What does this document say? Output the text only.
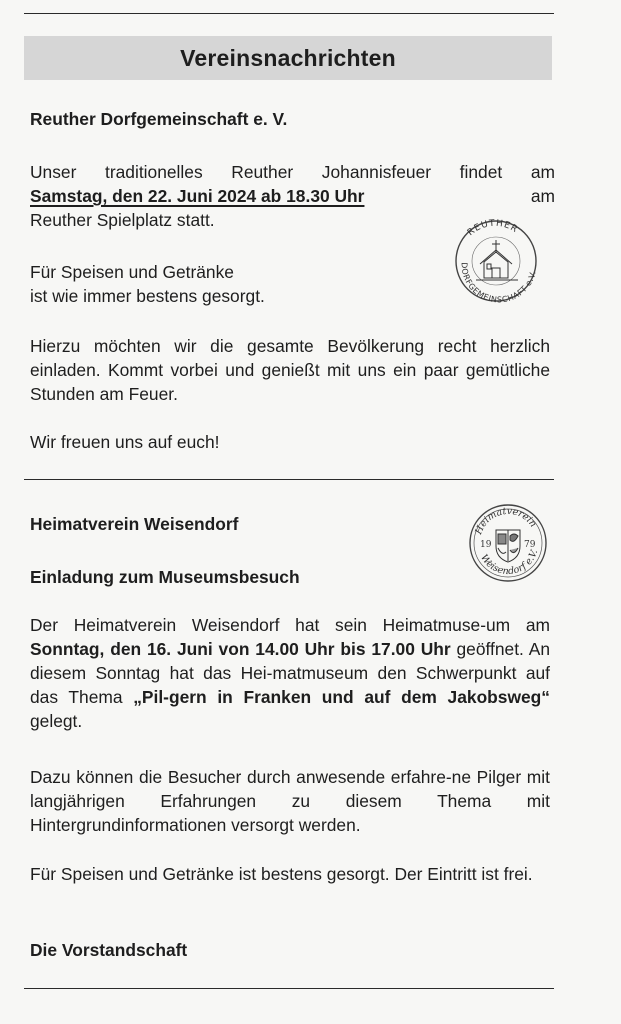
Vereinsnachrichten
Reuther Dorfgemeinschaft e. V.
Unser traditionelles Reuther Johannisfeuer findet am
Samstag, den 22. Juni 2024 ab 18.30 Uhr	am
Reuther Spielplatz statt.
Für Speisen und Getränke
ist wie immer bestens gesorgt.
REUTHER
DORFGEMEINSCHAFT e.V.
Hierzu möchten wir die gesamte Bevölkerung recht herzlich einladen. Kommt vorbei und genießt mit uns ein paar gemütliche Stunden am Feuer.
Wir freuen uns auf euch!
Heimatverein Weisendorf	Heimatverein
Weisendorf e.V.
19	79
Einladung zum Museumsbesuch
Der Heimatverein Weisendorf hat sein Heimatmuse-um am Sonntag, den 16. Juni von 14.00 Uhr bis 17.00 Uhr geöffnet. An diesem Sonntag hat das Hei-matmuseum den Schwerpunkt auf das Thema „Pil-gern in Franken und auf dem Jakobsweg“ gelegt.
Dazu können die Besucher durch anwesende erfahre-ne Pilger mit langjährigen Erfahrungen zu diesem Thema mit Hintergrundinformationen versorgt werden.
Für Speisen und Getränke ist bestens gesorgt. Der Eintritt ist frei.
Die Vorstandschaft
